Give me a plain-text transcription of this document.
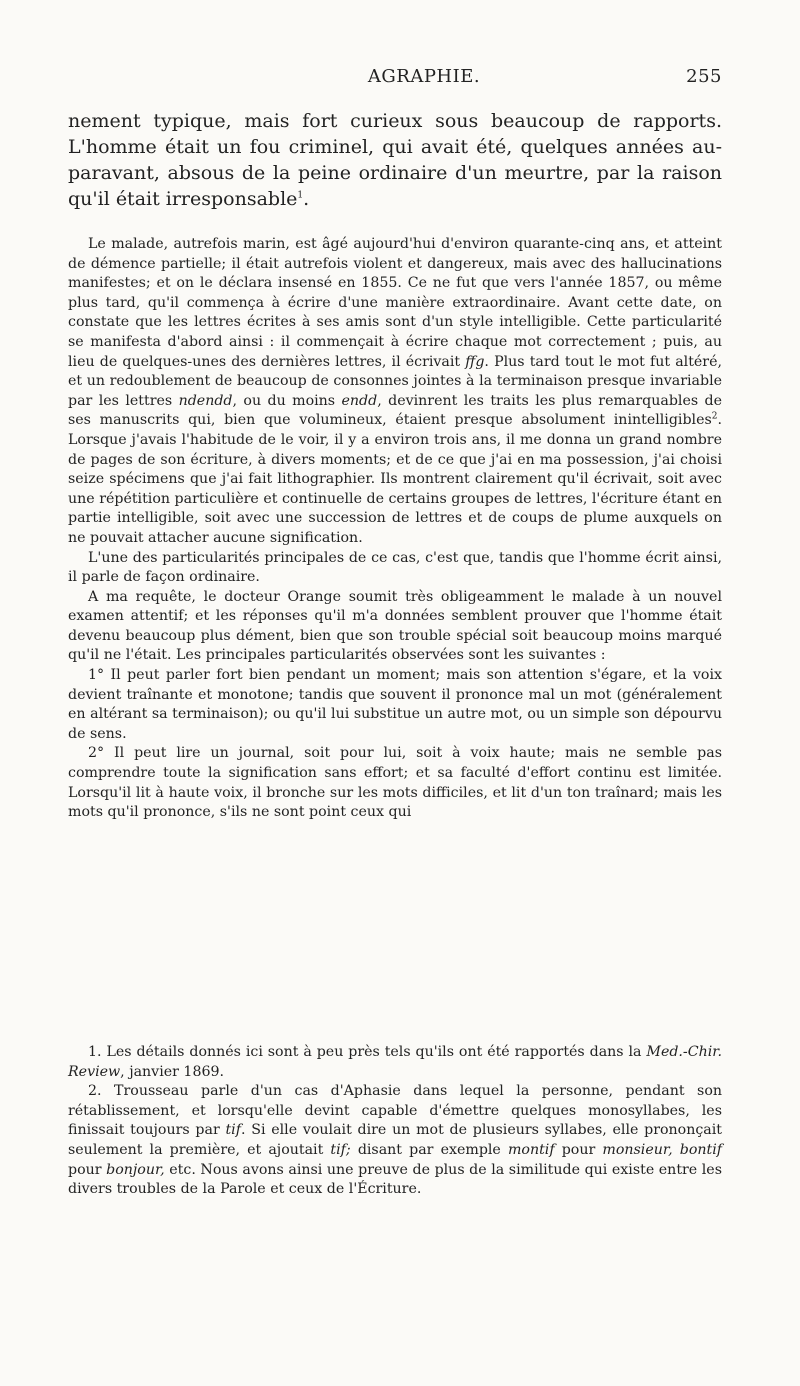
AGRAPHIE.	255

nement typique, mais fort curieux sous beaucoup de rapports. L'homme était un fou criminel, qui avait été, quelques années au-paravant, absous de la peine ordinaire d'un meurtre, par la raison qu'il était irresponsable$^1$.

Le malade, autrefois marin, est âgé aujourd'hui d'environ quarante-cinq ans, et atteint de démence partielle; il était autrefois violent et dangereux, mais avec des hallucinations manifestes; et on le déclara insensé en 1855. Ce ne fut que vers l'année 1857, ou même plus tard, qu'il commença à écrire d'une manière extraordinaire. Avant cette date, on constate que les lettres écrites à ses amis sont d'un style intelligible. Cette particularité se manifesta d'abord ainsi : il commençait à écrire chaque mot correctement ; puis, au lieu de quelques-unes des dernières lettres, il écrivait ffg. Plus tard tout le mot fut altéré, et un redoublement de beaucoup de consonnes jointes à la terminaison presque invariable par les lettres ndendd, ou du moins endd, devinrent les traits les plus remarquables de ses manuscrits qui, bien que volumineux, étaient presque absolument inintelligibles$^2$. Lorsque j'avais l'habitude de le voir, il y a environ trois ans, il me donna un grand nombre de pages de son écriture, à divers moments; et de ce que j'ai en ma possession, j'ai choisi seize spécimens que j'ai fait lithographier. Ils montrent clairement qu'il écrivait, soit avec une répétition particulière et continuelle de certains groupes de lettres, l'écriture étant en partie intelligible, soit avec une succession de lettres et de coups de plume auxquels on ne pouvait attacher aucune signification.

L'une des particularités principales de ce cas, c'est que, tandis que l'homme écrit ainsi, il parle de façon ordinaire.

A ma requête, le docteur Orange soumit très obligeamment le malade à un nouvel examen attentif; et les réponses qu'il m'a données semblent prouver que l'homme était devenu beaucoup plus dément, bien que son trouble spécial soit beaucoup moins marqué qu'il ne l'était. Les principales particularités observées sont les suivantes :

1° Il peut parler fort bien pendant un moment; mais son attention s'égare, et la voix devient traînante et monotone; tandis que souvent il prononce mal un mot (généralement en altérant sa terminaison); ou qu'il lui substitue un autre mot, ou un simple son dépourvu de sens.

2° Il peut lire un journal, soit pour lui, soit à voix haute; mais ne semble pas comprendre toute la signification sans effort; et sa faculté d'effort continu est limitée. Lorsqu'il lit à haute voix, il bronche sur les mots difficiles, et lit d'un ton traînard; mais les mots qu'il prononce, s'ils ne sont point ceux qui

1. Les détails donnés ici sont à peu près tels qu'ils ont été rapportés dans la Med.-Chir. Review, janvier 1869.

2. Trousseau parle d'un cas d'Aphasie dans lequel la personne, pendant son rétablissement, et lorsqu'elle devint capable d'émettre quelques monosyllabes, les finissait toujours par tif. Si elle voulait dire un mot de plusieurs syllabes, elle prononçait seulement la première, et ajoutait tif; disant par exemple montif pour monsieur, bontif pour bonjour, etc. Nous avons ainsi une preuve de plus de la similitude qui existe entre les divers troubles de la Parole et ceux de l'Écriture.
